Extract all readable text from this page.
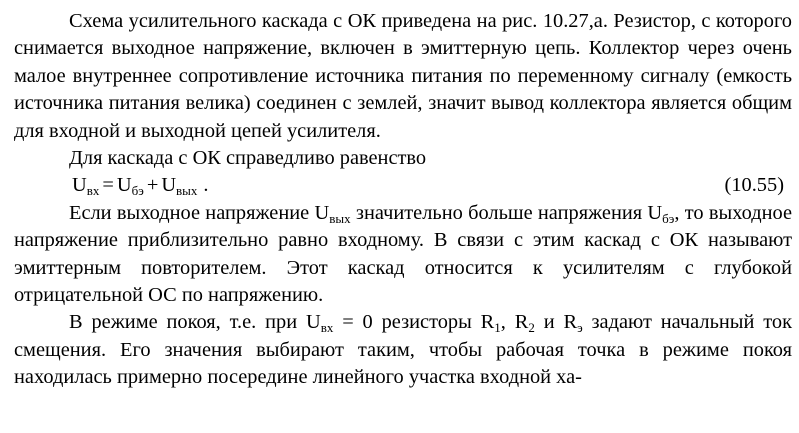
Схема усилительного каскада с ОК приведена на рис. 10.27,а. Резистор, с которого снимается выходное напряжение, включен в эмиттерную цепь. Коллектор через очень малое внутреннее сопротивление источника питания по переменному сигналу (емкость источника питания велика) соединен с землей, значит вывод коллектора является общим для входной и выходной цепей усилителя.

Для каскада с ОК справедливо равенство

$U_{вх} = U_{бэ} + U_{вых}$ .	(10.55)

Если выходное напряжение $U_{вых}$ значительно больше напряжения $U_{бэ}$, то выходное напряжение приблизительно равно входному. В связи с этим каскад с ОК называют эмиттерным повторителем. Этот каскад относится к усилителям с глубокой отрицательной ОС по напряжению.

В режиме покоя, т.е. при $U_{вх} = 0$ резисторы $R_1$, $R_2$ и $R_э$ задают начальный ток смещения. Его значения выбирают таким, чтобы рабочая точка в режиме покоя находилась примерно посередине линейного участка входной ха-
